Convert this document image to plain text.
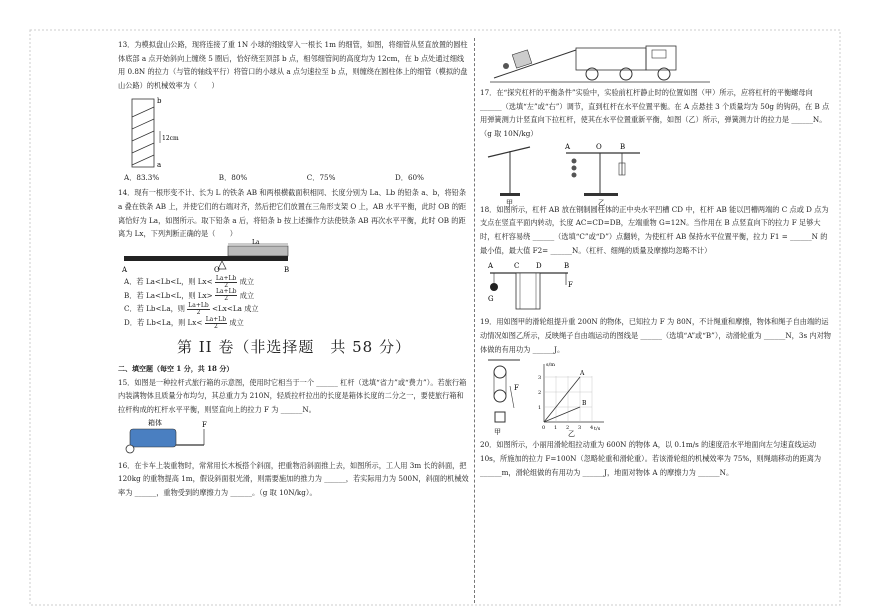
13．为模拟盘山公路，现将连接了重 1N 小球的细线穿入一根长 1m 的细管，如图，将细管从竖直放置的圆柱体底部 a 点开始斜向上缠绕 5 圈后，恰好绕至顶部 b 点，相邻细管间的高度均为 12cm，在 b 点处通过细线用 0.8N 的拉力（与管的轴线平行）将管口的小球从 a 点匀速拉至 b 点，则缠绕在圆柱体上的细管（模拟的盘山公路）的机械效率为（　　）

b
a
12cm
A．83.3%	B．80%	C．75%	D．60%

14．现有一根形变不计、长为 L 的铁条 AB 和两根横截面积相同、长度分别为 La、Lb 的铅条 a、b，将铅条 a 叠在铁条 AB 上，并使它们的右端对齐，然后把它们放置在三角形支架 O 上，AB 水平平衡，此时 OB 的距离恰好为 La，如图所示。取下铅条 a 后，将铅条 b 按上述操作方法使铁条 AB 再次水平平衡，此时 OB 的距离为 Lx，下列判断正确的是（　　）

La
A	O	B
A．若 La<Lb<L，则 $Lx< \frac{La+Lb}{2}$ 成立
B．若 La<Lb<L，则 $Lx> \frac{La+Lb}{2}$ 成立
C．若 Lb<La，则 $\frac{La+Lb}{2} <Lx<La$ 成立
D．若 Lb<La，则 $Lx< \frac{La+Lb}{2}$ 成立
第 II 卷（非选择题　共 58 分）
二、填空题（每空 1 分，共 18 分）

15．如图是一种拉杆式旅行箱的示意图，使用时它相当于一个 ______ 杠杆（选填“省力”或“费力”）。若旅行箱内装满物体且质量分布均匀，其总重力为 210N，轻质拉杆拉出的长度是箱体长度的二分之一，要使旅行箱和拉杆构成的杠杆水平平衡，则竖直向上的拉力 F 为 ______N。

箱体	F

16．在卡车上装重物时，常常用长木板搭个斜面，把重物沿斜面推上去，如图所示，工人用 3m 长的斜面，把 120kg 的重物提高 1m，假设斜面很光滑，则需要施加的推力为 ______，若实际用力为 500N，斜面的机械效率为 ______，重物受到的摩擦力为 ______。（g 取 10N/kg）。

17．在“探究杠杆的平衡条件”实验中，实验前杠杆静止时的位置如图（甲）所示，应将杠杆的平衡螺母向 ______（选填“左”或“右”）调节，直到杠杆在水平位置平衡。在 A 点悬挂 3 个质量均为 50g 的钩码，在 B 点用弹簧测力计竖直向下拉杠杆，使其在水平位置重新平衡，如图（乙）所示，弹簧测力计的拉力是 ______N。（g 取 10N/kg）

甲
A	O	B
乙

18．如图所示，杠杆 AB 放在钢制圆柱体的正中央水平凹槽 CD 中，杠杆 AB 能以凹槽两端的 C 点或 D 点为支点在竖直平面内转动，长度 AC=CD=DB，左端重物 G=12N。当作用在 B 点竖直向下的拉力 F 足够大时，杠杆容易绕 ______（选填“C”或“D”）点翻转，为使杠杆 AB 保持水平位置平衡，拉力 F1 = ______N 的最小值，最大值 F2= ______N。（杠杆、细绳的质量及摩擦均忽略不计）

A	C D	B
G
F

19．用如图甲的滑轮组提升重 200N 的物体，已知拉力 F 为 80N，不计绳重和摩擦，物体和绳子自由端的运动情况如图乙所示，反映绳子自由端运动的图线是 ______（选填“A”或“B”），动滑轮重为 ______N，3s 内对物体做的有用功为 ______J。

F
甲
A
B
s/m
t/s
3
2
1
0 1 2 3 4
乙

20．如图所示，小丽用滑轮组拉动重为 600N 的物体 A，以 0.1m/s 的速度沿水平地面向左匀速直线运动 10s，所施加的拉力 F=100N（忽略轮重和滑轮重）。若该滑轮组的机械效率为 75%，则绳端移动的距离为 ______m，滑轮组做的有用功为 ______J，地面对物体 A 的摩擦力为 ______N。
